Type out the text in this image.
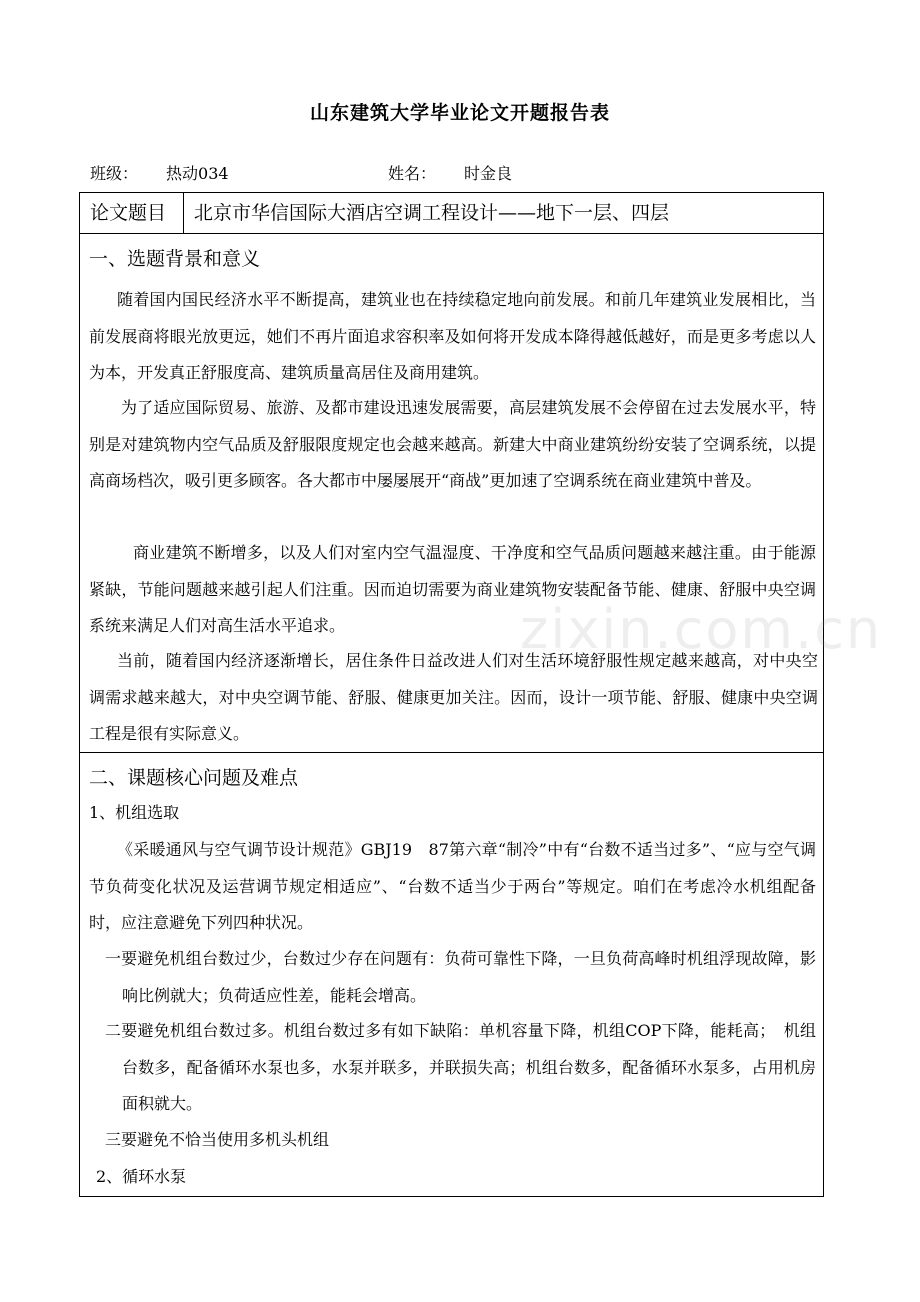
山东建筑大学毕业论文开题报告表
班级： 热动034	姓名： 时金良
论文题目	北京市华信国际大酒店空调工程设计——地下一层、四层
一、选题背景和意义

随着国内国民经济水平不断提高，建筑业也在持续稳定地向前发展。和前几年建筑业发展相比，当前发展商将眼光放更远，她们不再片面追求容积率及如何将开发成本降得越低越好，而是更多考虑以人为本，开发真正舒服度高、建筑质量高居住及商用建筑。

为了适应国际贸易、旅游、及都市建设迅速发展需要，高层建筑发展不会停留在过去发展水平，特别是对建筑物内空气品质及舒服限度规定也会越来越高。新建大中商业建筑纷纷安装了空调系统，以提高商场档次，吸引更多顾客。各大都市中屡屡展开“商战”更加速了空调系统在商业建筑中普及。

商业建筑不断增多，以及人们对室内空气温湿度、干净度和空气品质问题越来越注重。由于能源紧缺，节能问题越来越引起人们注重。因而迫切需要为商业建筑物安装配备节能、健康、舒服中央空调系统来满足人们对高生活水平追求。

当前，随着国内经济逐渐增长，居住条件日益改进人们对生活环境舒服性规定越来越高，对中央空调需求越来越大，对中央空调节能、舒服、健康更加关注。因而，设计一项节能、舒服、健康中央空调工程是很有实际意义。

二、课题核心问题及难点
1、机组选取

《采暖通风与空气调节设计规范》GBJ19　87第六章“制冷”中有“台数不适当过多”、“应与空气调节负荷变化状况及运营调节规定相适应”、“台数不适当少于两台”等规定。咱们在考虑冷水机组配备时，应注意避免下列四种状况。

一要避免机组台数过少，台数过少存在问题有：负荷可靠性下降，一旦负荷高峰时机组浮现故障，影响比例就大；负荷适应性差，能耗会增高。

二要避免机组台数过多。机组台数过多有如下缺陷：单机容量下降，机组COP下降，能耗高；　机组台数多，配备循环水泵也多，水泵并联多，并联损失高；机组台数多，配备循环水泵多，占用机房面积就大。

三要避免不恰当使用多机头机组
2、循环水泵
zixin.com.cn
